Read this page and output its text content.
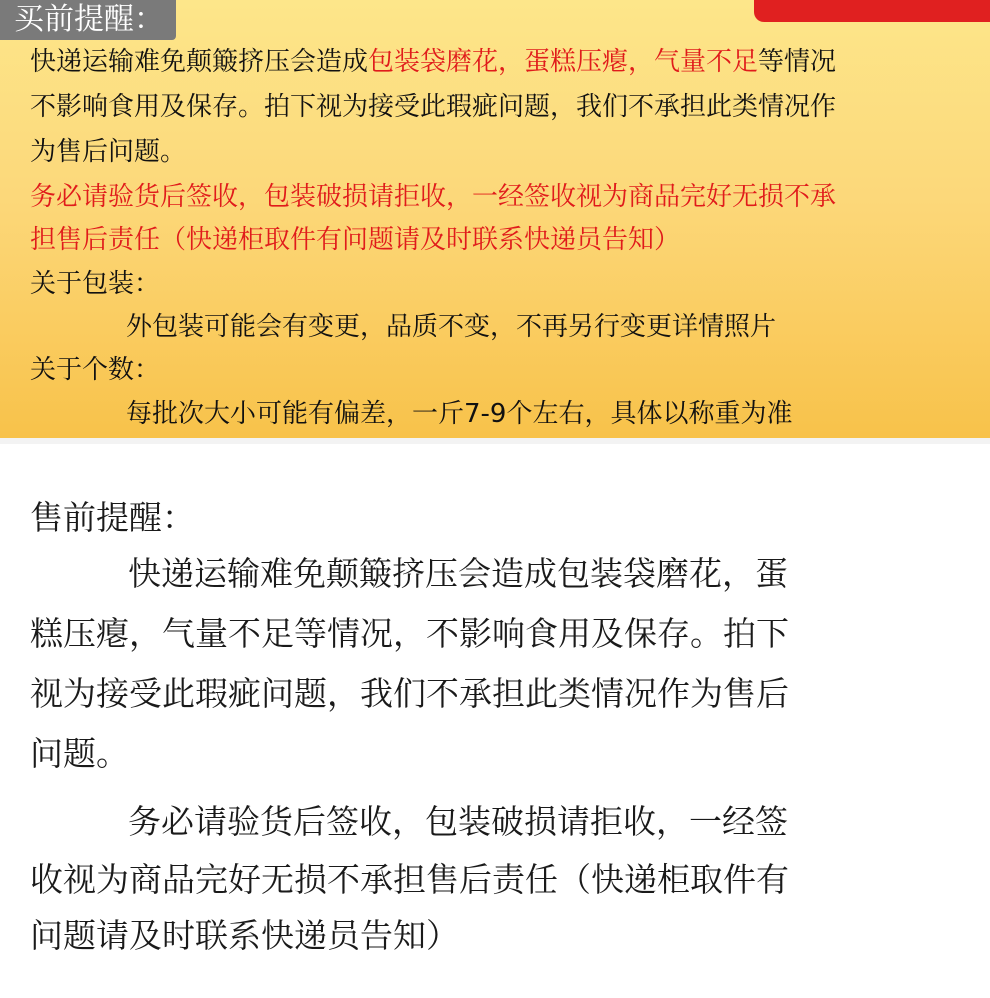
买前提醒：
快递运输难免颠簸挤压会造成包装袋磨花，蛋糕压瘪，气量不足等情况
不影响食用及保存。拍下视为接受此瑕疵问题，我们不承担此类情况作
为售后问题。
务必请验货后签收，包装破损请拒收，一经签收视为商品完好无损不承
担售后责任（快递柜取件有问题请及时联系快递员告知）
关于包装：
外包装可能会有变更，品质不变，不再另行变更详情照片
关于个数：
每批次大小可能有偏差，一斤7-9个左右，具体以称重为准
售前提醒：
快递运输难免颠簸挤压会造成包装袋磨花，蛋
糕压瘪，气量不足等情况，不影响食用及保存。拍下
视为接受此瑕疵问题，我们不承担此类情况作为售后
问题。
务必请验货后签收，包装破损请拒收，一经签
收视为商品完好无损不承担售后责任（快递柜取件有
问题请及时联系快递员告知）
